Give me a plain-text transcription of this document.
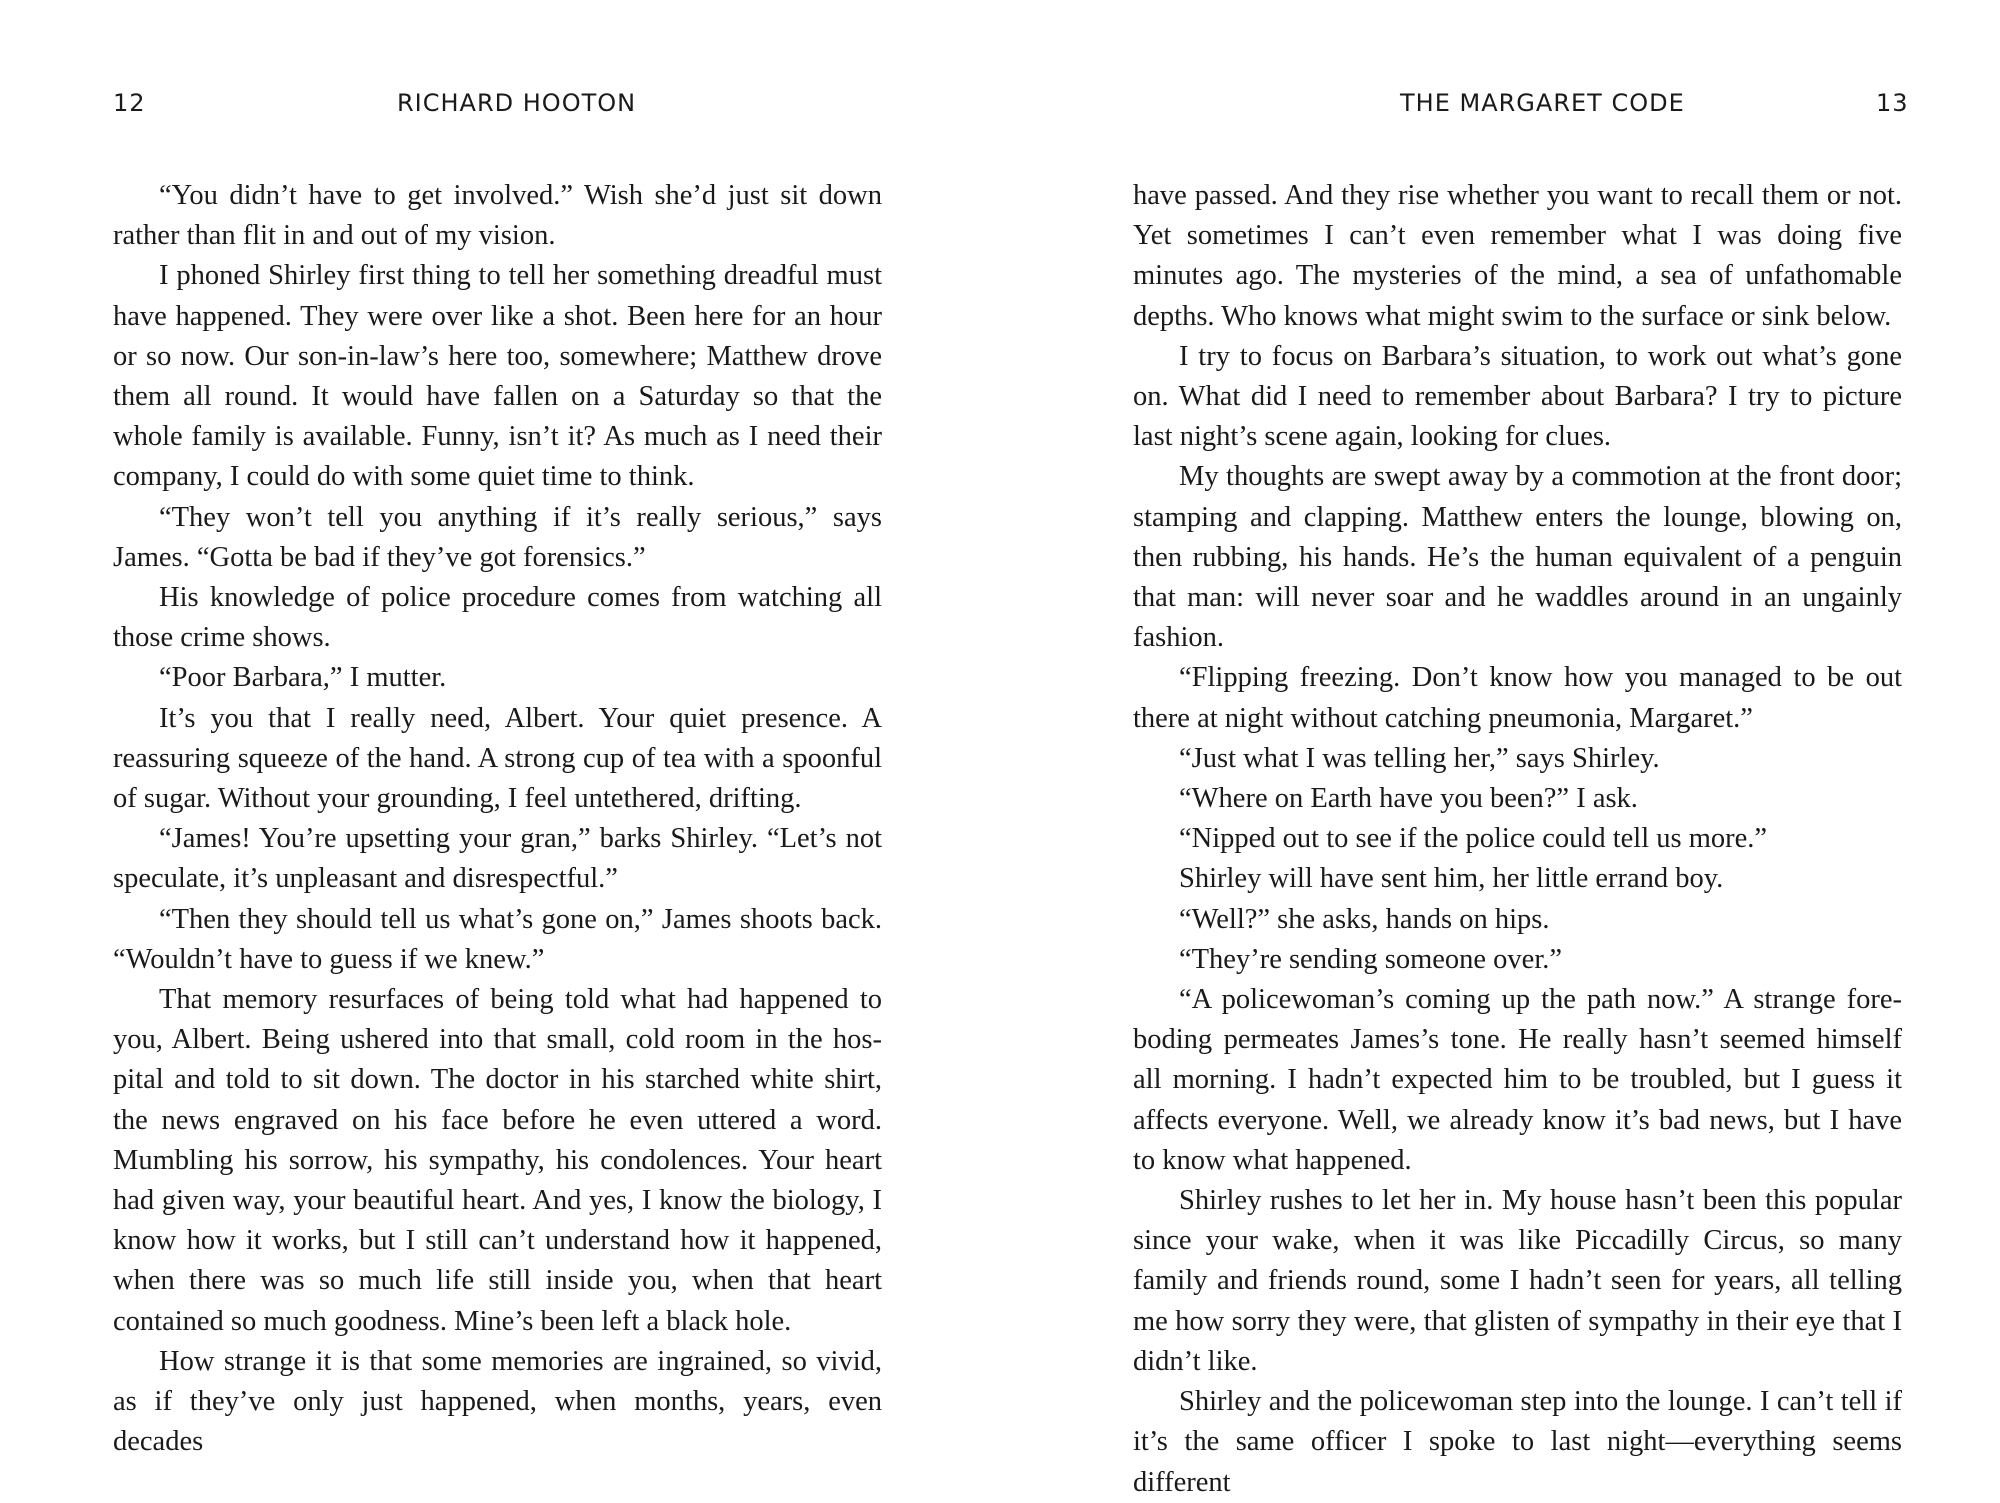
12	RICHARD HOOTON

“You didn’t have to get involved.” Wish she’d just sit down rather than flit in and out of my vision.

I phoned Shirley first thing to tell her something dreadful must have happened. They were over like a shot. Been here for an hour or so now. Our son-in-law’s here too, somewhere; Matthew drove them all round. It would have fallen on a Saturday so that the whole family is available. Funny, isn’t it? As much as I need their company, I could do with some quiet time to think.

“They won’t tell you anything if it’s really serious,” says James. “Gotta be bad if they’ve got forensics.”

His knowledge of police procedure comes from watching all those crime shows.

“Poor Barbara,” I mutter.

It’s you that I really need, Albert. Your quiet presence. A reassuring squeeze of the hand. A strong cup of tea with a spoonful of sugar. Without your grounding, I feel untethered, drifting.

“James! You’re upsetting your gran,” barks Shirley. “Let’s not speculate, it’s unpleasant and disrespectful.”

“Then they should tell us what’s gone on,” James shoots back. “Wouldn’t have to guess if we knew.”

That memory resurfaces of being told what had happened to you, Albert. Being ushered into that small, cold room in the hospital and told to sit down. The doctor in his starched white shirt, the news engraved on his face before he even uttered a word. Mumbling his sorrow, his sympathy, his condolences. Your heart had given way, your beautiful heart. And yes, I know the biology, I know how it works, but I still can’t understand how it happened, when there was so much life still inside you, when that heart contained so much goodness. Mine’s been left a black hole.

How strange it is that some memories are ingrained, so vivid, as if they’ve only just happened, when months, years, even decades

THE MARGARET CODE	13

have passed. And they rise whether you want to recall them or not. Yet sometimes I can’t even remember what I was doing five minutes ago. The mysteries of the mind, a sea of unfathomable depths. Who knows what might swim to the surface or sink below.

I try to focus on Barbara’s situation, to work out what’s gone on. What did I need to remember about Barbara? I try to picture last night’s scene again, looking for clues.

My thoughts are swept away by a commotion at the front door; stamping and clapping. Matthew enters the lounge, blowing on, then rubbing, his hands. He’s the human equivalent of a penguin that man: will never soar and he waddles around in an ungainly fashion.

“Flipping freezing. Don’t know how you managed to be out there at night without catching pneumonia, Margaret.”

“Just what I was telling her,” says Shirley.

“Where on Earth have you been?” I ask.

“Nipped out to see if the police could tell us more.”

Shirley will have sent him, her little errand boy.

“Well?” she asks, hands on hips.

“They’re sending someone over.”

“A policewoman’s coming up the path now.” A strange foreboding permeates James’s tone. He really hasn’t seemed himself all morning. I hadn’t expected him to be troubled, but I guess it affects everyone. Well, we already know it’s bad news, but I have to know what happened.

Shirley rushes to let her in. My house hasn’t been this popular since your wake, when it was like Piccadilly Circus, so many family and friends round, some I hadn’t seen for years, all telling me how sorry they were, that glisten of sympathy in their eye that I didn’t like.

Shirley and the policewoman step into the lounge. I can’t tell if it’s the same officer I spoke to last night—everything seems different
